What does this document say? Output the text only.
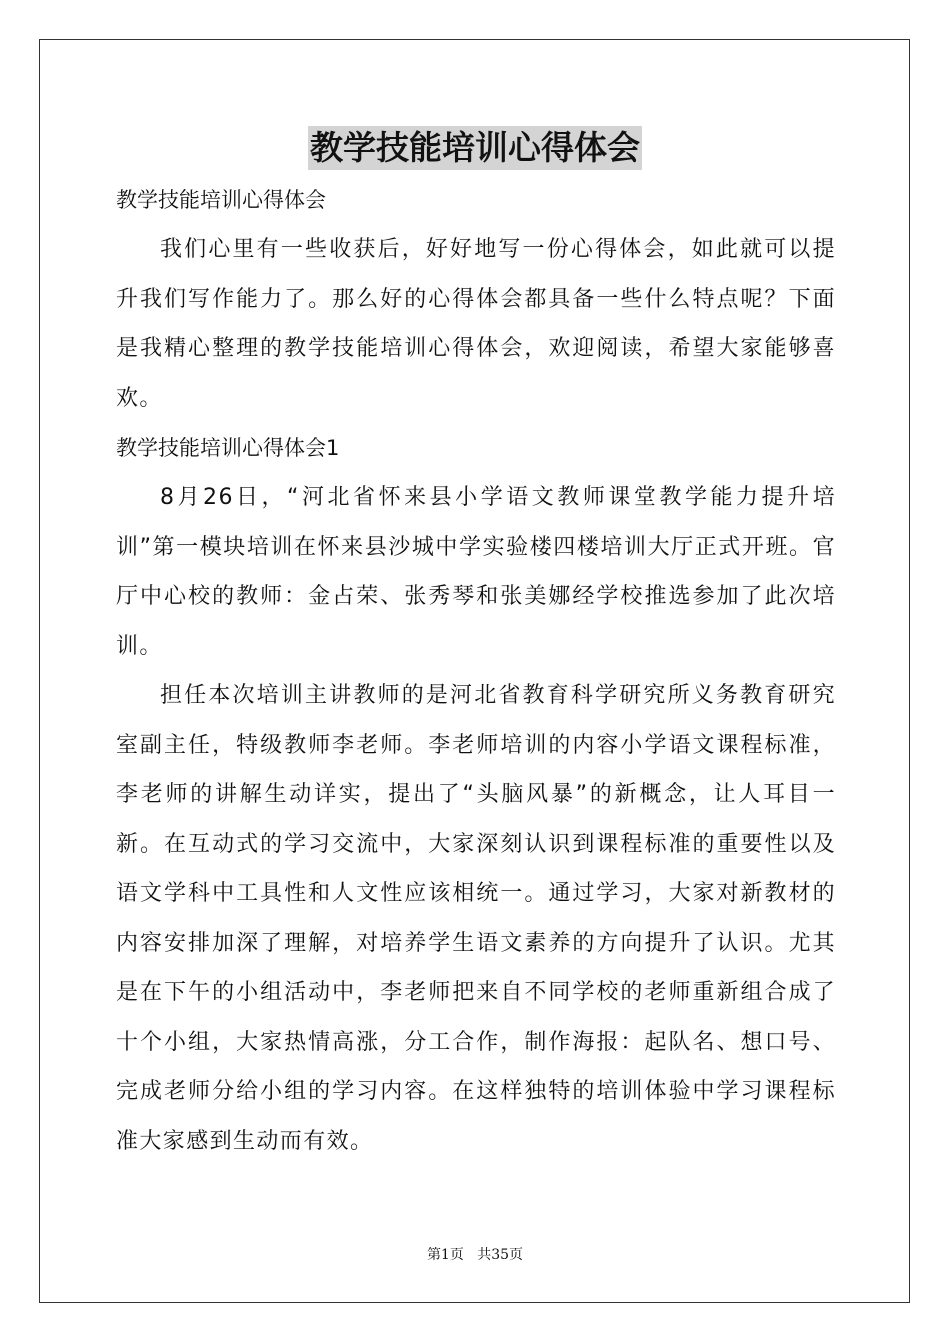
教学技能培训心得体会

教学技能培训心得体会

我们心里有一些收获后，好好地写一份心得体会，如此就可以提升我们写作能力了。那么好的心得体会都具备一些什么特点呢？下面是我精心整理的教学技能培训心得体会，欢迎阅读，希望大家能够喜欢。

教学技能培训心得体会1

8月26日，“河北省怀来县小学语文教师课堂教学能力提升培训”第一模块培训在怀来县沙城中学实验楼四楼培训大厅正式开班。官厅中心校的教师：金占荣、张秀琴和张美娜经学校推选参加了此次培训。

担任本次培训主讲教师的是河北省教育科学研究所义务教育研究室副主任，特级教师李老师。李老师培训的内容小学语文课程标准，李老师的讲解生动详实，提出了“头脑风暴”的新概念，让人耳目一新。在互动式的学习交流中，大家深刻认识到课程标准的重要性以及语文学科中工具性和人文性应该相统一。通过学习，大家对新教材的内容安排加深了理解，对培养学生语文素养的方向提升了认识。尤其是在下午的小组活动中，李老师把来自不同学校的老师重新组合成了十个小组，大家热情高涨，分工合作，制作海报：起队名、想口号、完成老师分给小组的学习内容。在这样独特的培训体验中学习课程标准大家感到生动而有效。

第1页 共35页
